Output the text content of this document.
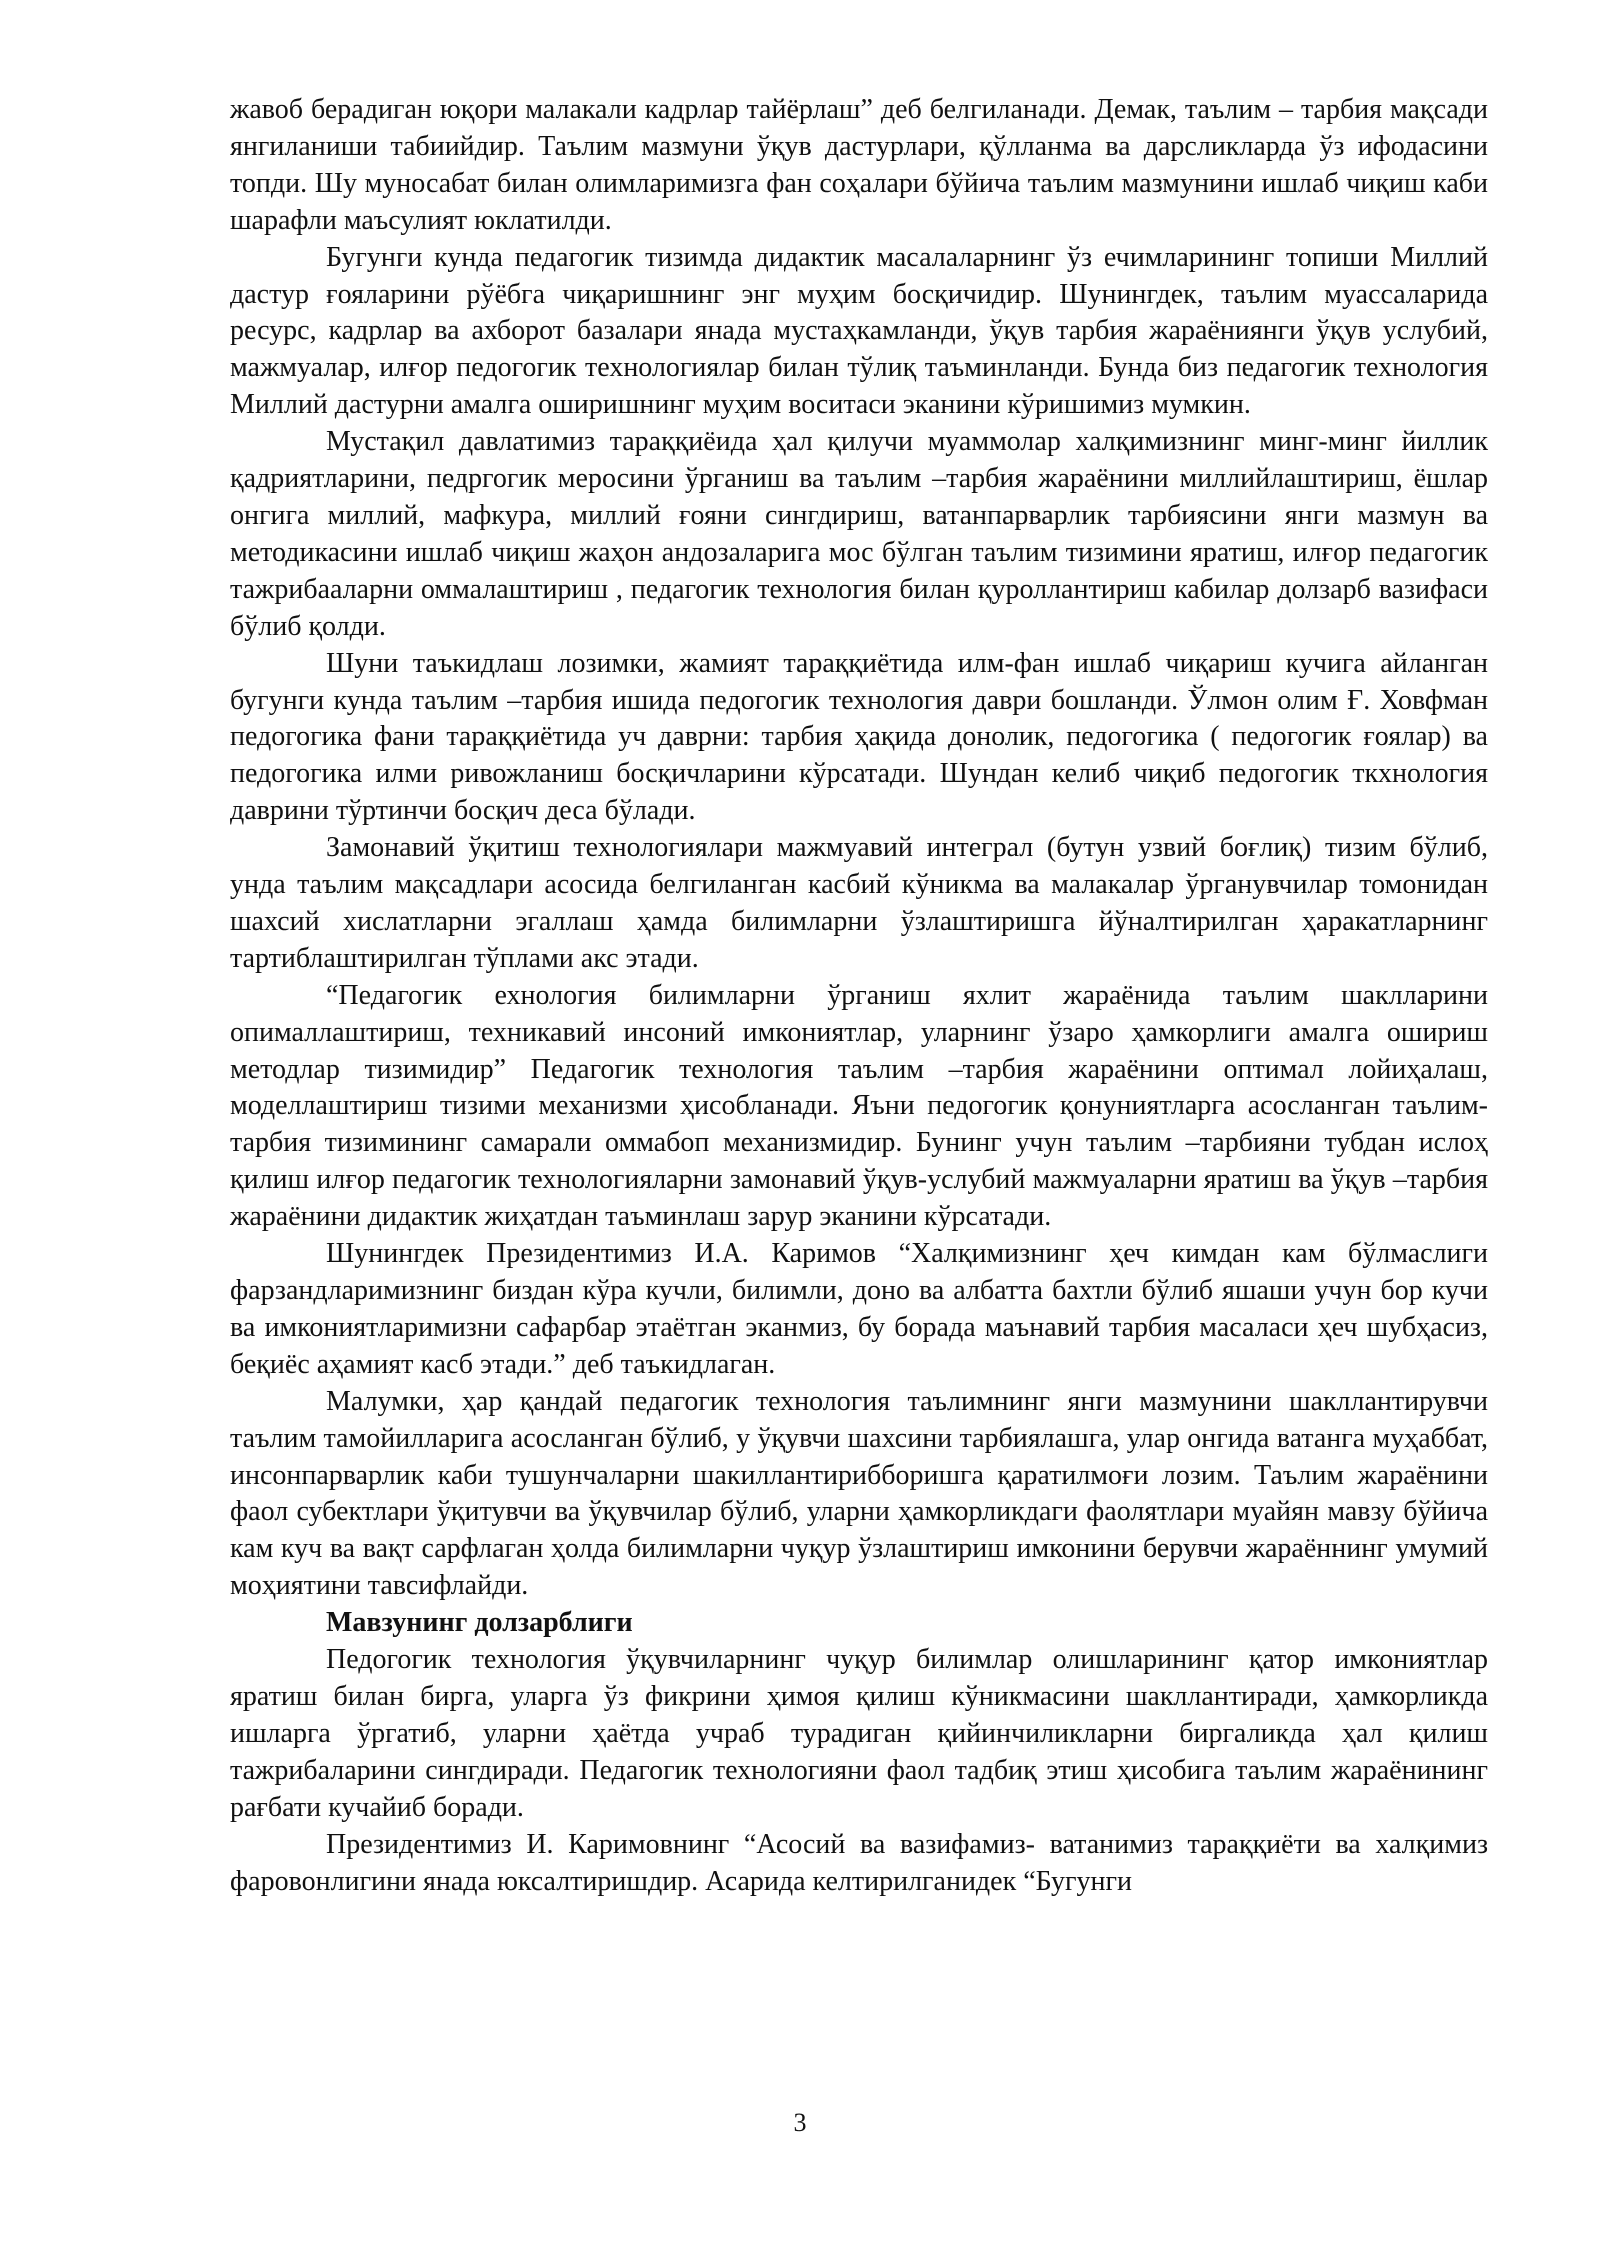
жавоб берадиган юқори малакали кадрлар тайёрлаш” деб белгиланади. Демак, таълим – тарбия мақсади янгиланиши табиийдир. Таълим мазмуни ўқув дастурлари, қўлланма ва дарсликларда ўз ифодасини топди. Шу муносабат билан олимларимизга фан соҳалари бўйича таълим мазмунини ишлаб чиқиш каби шарафли маъсулият юклатилди.

Бугунги кунда педагогик тизимда дидактик масалаларнинг ўз ечимларининг топиши Миллий дастур ғояларини рўёбга чиқаришнинг энг муҳим босқичидир. Шунингдек, таълим муассаларида ресурс, кадрлар ва ахборот базалари янада мустаҳкамланди, ўқув тарбия жараёниянги ўқув услубий, мажмуалар, илғор педогогик технологиялар билан тўлиқ таъминланди. Бунда биз педагогик технология Миллий дастурни амалга оширишнинг муҳим воситаси эканини кўришимиз мумкин.

Мустақил давлатимиз тараққиёида ҳал қилучи муаммолар халқимизнинг минг-минг йиллик қадриятларини, педргогик меросини ўрганиш ва таълим –тарбия жараёнини миллийлаштириш, ёшлар онгига миллий, мафкура, миллий ғояни сингдириш, ватанпарварлик тарбиясини янги мазмун ва методикасини ишлаб чиқиш жаҳон андозаларига мос бўлган таълим тизимини яратиш, илғор педагогик тажрибааларни оммалаштириш , педагогик технология билан қуроллантириш кабилар долзарб вазифаси бўлиб қолди.

Шуни таъкидлаш лозимки, жамият тараққиётида илм-фан ишлаб чиқариш кучига айланган бугунги кунда таълим –тарбия ишида педогогик технология даври бошланди. Ўлмон олим Ғ. Ховфман педогогика фани тараққиётида уч даврни: тарбия ҳақида донолик, педогогика ( педогогик ғоялар) ва педогогика илми ривожланиш босқичларини кўрсатади. Шундан келиб чиқиб педогогик ткхнология даврини тўртинчи босқич деса бўлади.

Замонавий ўқитиш технологиялари мажмуавий интеграл (бутун узвий боғлиқ) тизим бўлиб, унда таълим мақсадлари асосида белгиланган касбий кўникма ва малакалар ўрганувчилар томонидан шахсий хислатларни эгаллаш ҳамда билимларни ўзлаштиришга йўналтирилган ҳаракатларнинг тартиблаштирилган тўплами акс этади.

“Педагогик ехнология билимларни ўрганиш яхлит жараёнида таълим шаклларини опималлаштириш, техникавий инсоний имкониятлар, уларнинг ўзаро ҳамкорлиги амалга ошириш методлар тизимидир” Педагогик технология таълим –тарбия жараёнини оптимал лойиҳалаш, моделлаштириш тизими механизми ҳисобланади. Яъни педогогик қонуниятларга асосланган таълим-тарбия тизимининг самарали оммабоп механизмидир. Бунинг учун таълим –тарбияни тубдан ислоҳ қилиш илғор педагогик технологияларни замонавий ўқув-услубий мажмуаларни яратиш ва ўқув –тарбия жараёнини дидактик жиҳатдан таъминлаш зарур эканини кўрсатади.

Шунингдек Президентимиз И.А. Каримов “Халқимизнинг ҳеч кимдан кам бўлмаслиги фарзандларимизнинг биздан кўра кучли, билимли, доно ва албатта бахтли бўлиб яшаши учун бор кучи ва имкониятларимизни сафарбар этаётган эканмиз, бу борада маънавий тарбия масаласи ҳеч шубҳасиз, беқиёс аҳамият касб этади.” деб таъкидлаган.

Малумки, ҳар қандай педагогик технология таълимнинг янги мазмунини шакллантирувчи таълим тамойилларига асосланган бўлиб, у ўқувчи шахсини тарбиялашга, улар онгида ватанга муҳаббат, инсонпарварлик каби тушунчаларни шакиллантирибборишга қаратилмоғи лозим. Таълим жараёнини фаол субектлари ўқитувчи ва ўқувчилар бўлиб, уларни ҳамкорликдаги фаолятлари муайян мавзу бўйича кам куч ва вақт сарфлаган ҳолда билимларни чуқур ўзлаштириш имконини берувчи жараённинг умумий моҳиятини тавсифлайди.

Мавзунинг долзарблиги

Педогогик технология ўқувчиларнинг чуқур билимлар олишларининг қатор имкониятлар яратиш билан бирга, уларга ўз фикрини ҳимоя қилиш кўникмасини шакллантиради, ҳамкорликда ишларга ўргатиб, уларни ҳаётда учраб турадиган қийинчиликларни биргаликда ҳал қилиш тажрибаларини сингдиради. Педагогик технологияни фаол тадбиқ этиш ҳисобига таълим жараёнининг рағбати кучайиб боради.

Президентимиз И. Каримовнинг “Асосий ва вазифамиз- ватанимиз тараққиёти ва халқимиз фаровонлигини янада юксалтиришдир. Асарида келтирилганидек “Бугунги

3
